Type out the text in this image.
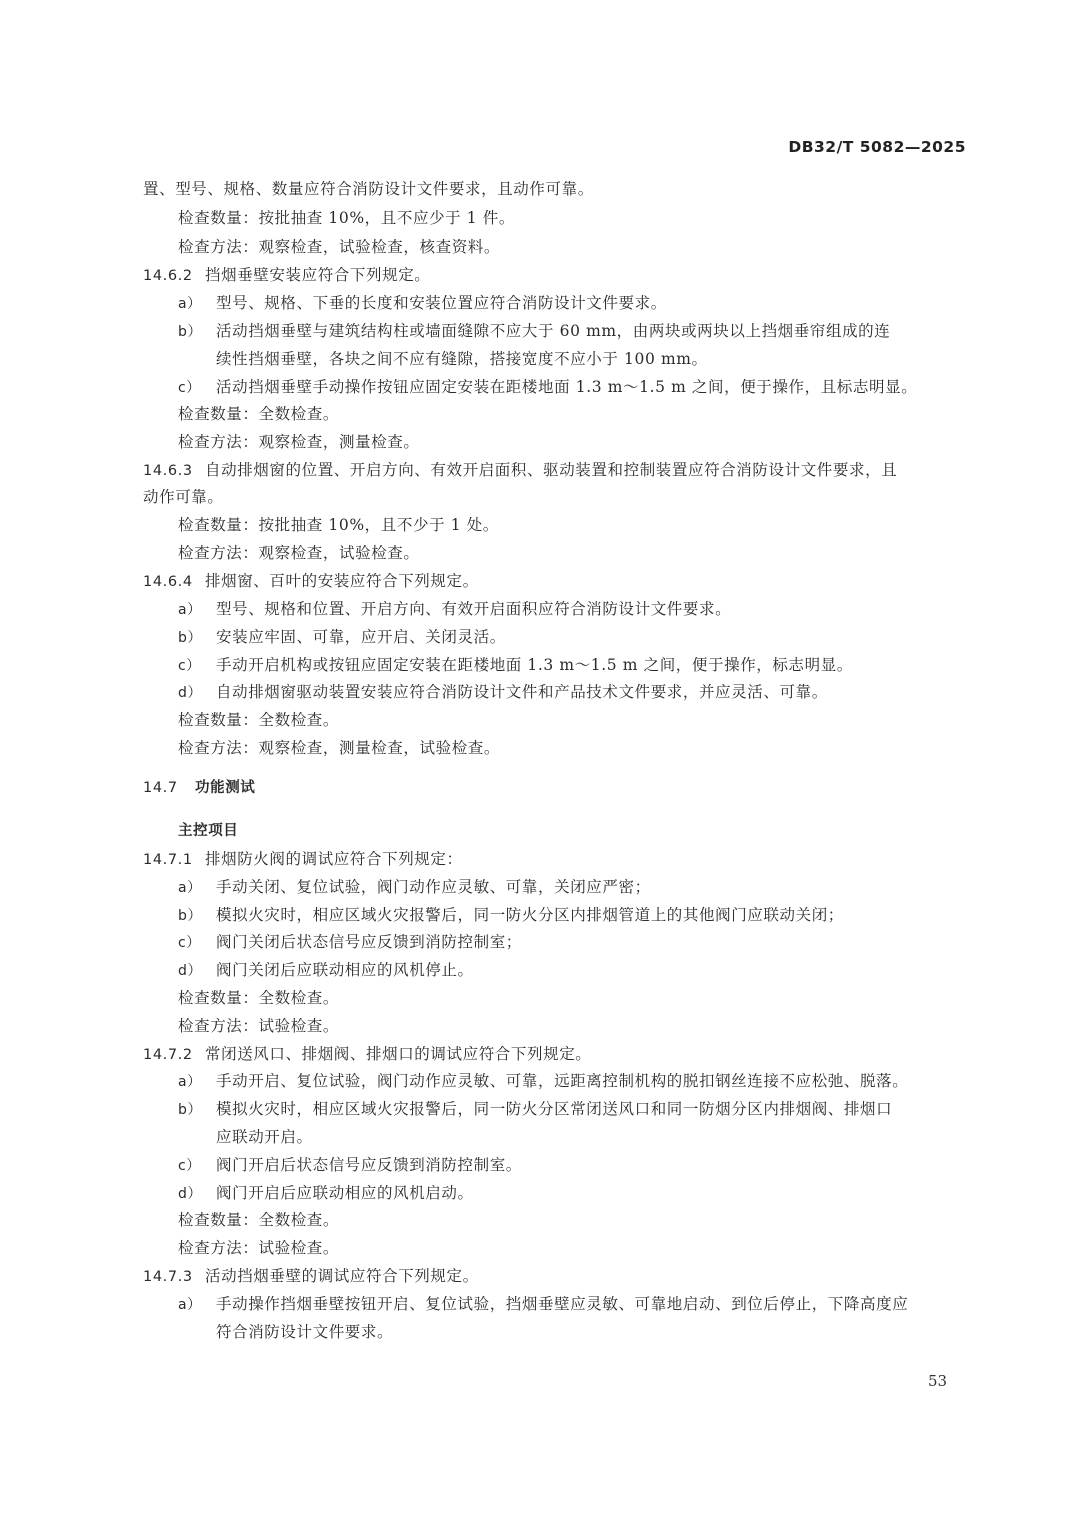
DB32/T 5082—2025
置、型号、规格、数量应符合消防设计文件要求，且动作可靠。
检查数量：按批抽查 10%，且不应少于 1 件。
检查方法：观察检查，试验检查，核查资料。
14.6.2 挡烟垂壁安装应符合下列规定。
a） 型号、规格、下垂的长度和安装位置应符合消防设计文件要求。
b） 活动挡烟垂壁与建筑结构柱或墙面缝隙不应大于 60 mm，由两块或两块以上挡烟垂帘组成的连
续性挡烟垂壁，各块之间不应有缝隙，搭接宽度不应小于 100 mm。
c） 活动挡烟垂壁手动操作按钮应固定安装在距楼地面 1.3 m～1.5 m 之间，便于操作，且标志明显。
检查数量：全数检查。
检查方法：观察检查，测量检查。
14.6.3 自动排烟窗的位置、开启方向、有效开启面积、驱动装置和控制装置应符合消防设计文件要求，且
动作可靠。
检查数量：按批抽查 10%，且不少于 1 处。
检查方法：观察检查，试验检查。
14.6.4 排烟窗、百叶的安装应符合下列规定。
a） 型号、规格和位置、开启方向、有效开启面积应符合消防设计文件要求。
b） 安装应牢固、可靠，应开启、关闭灵活。
c） 手动开启机构或按钮应固定安装在距楼地面 1.3 m～1.5 m 之间，便于操作，标志明显。
d） 自动排烟窗驱动装置安装应符合消防设计文件和产品技术文件要求，并应灵活、可靠。
检查数量：全数检查。
检查方法：观察检查，测量检查，试验检查。
14.7 功能测试
主控项目
14.7.1 排烟防火阀的调试应符合下列规定：
a） 手动关闭、复位试验，阀门动作应灵敏、可靠，关闭应严密；
b） 模拟火灾时，相应区域火灾报警后，同一防火分区内排烟管道上的其他阀门应联动关闭；
c） 阀门关闭后状态信号应反馈到消防控制室；
d） 阀门关闭后应联动相应的风机停止。
检查数量：全数检查。
检查方法：试验检查。
14.7.2 常闭送风口、排烟阀、排烟口的调试应符合下列规定。
a） 手动开启、复位试验，阀门动作应灵敏、可靠，远距离控制机构的脱扣钢丝连接不应松弛、脱落。
b） 模拟火灾时，相应区域火灾报警后，同一防火分区常闭送风口和同一防烟分区内排烟阀、排烟口
应联动开启。
c） 阀门开启后状态信号应反馈到消防控制室。
d） 阀门开启后应联动相应的风机启动。
检查数量：全数检查。
检查方法：试验检查。
14.7.3 活动挡烟垂壁的调试应符合下列规定。
a） 手动操作挡烟垂壁按钮开启、复位试验，挡烟垂壁应灵敏、可靠地启动、到位后停止，下降高度应
符合消防设计文件要求。
53
